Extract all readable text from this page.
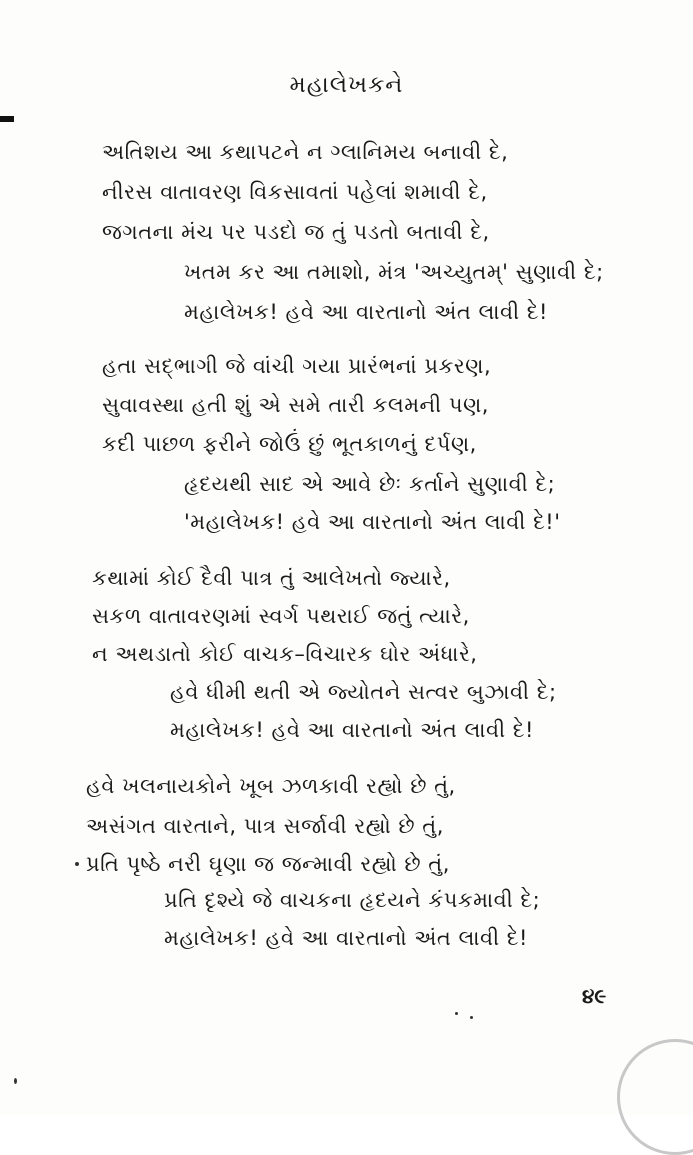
મહાલેખકને
અતિશય આ કથાપટને ન ગ્લાનિમય બનાવી દે,
નીરસ વાતાવરણ વિકસાવતાં પહેલાં શમાવી દે,
જગતના મંચ પર પડદો જ તું પડતો બતાવી દે,
ખતમ કર આ તમાશો, મંત્ર 'અચ્યુતમ્' સુણાવી દે;
મહાલેખક! હવે આ વારતાનો અંત લાવી દે!
હતા સદ્ભાગી જે વાંચી ગયા પ્રારંભનાં પ્રકરણ,
સુવાવસ્થા હતી શું એ સમે તારી કલમની પણ,
કદી પાછળ ફરીને જોઉં છું ભૂતકાળનું દર્પણ,
હૃદયથી સાદ એ આવે છેઃ કર્તાને સુણાવી દે;
'મહાલેખક! હવે આ વારતાનો અંત લાવી દે!'
કથામાં કોઈ દૈવી પાત્ર તું આલેખતો જ્યારે,
સકળ વાતાવરણમાં સ્વર્ગ પથરાઈ જતું ત્યારે,
ન અથડાતો કોઈ વાચક–વિચારક ઘોર અંધારે,
હવે ધીમી થતી એ જ્યોતને સત્વર બુઝાવી દે;
મહાલેખક! હવે આ વારતાનો અંત લાવી દે!
હવે ખલનાયકોને ખૂબ ઝળકાવી રહ્યો છે તું,
અસંગત વારતાને, પાત્ર સર્જાવી રહ્યો છે તું,
પ્રતિ પૃષ્ઠે નરી ઘૃણા જ જન્માવી રહ્યો છે તું,
પ્રતિ દૃશ્યે જે વાચકના હૃદયને કંપકમાવી દે;
મહાલેખક! હવે આ વારતાનો અંત લાવી દે!
૪૯
